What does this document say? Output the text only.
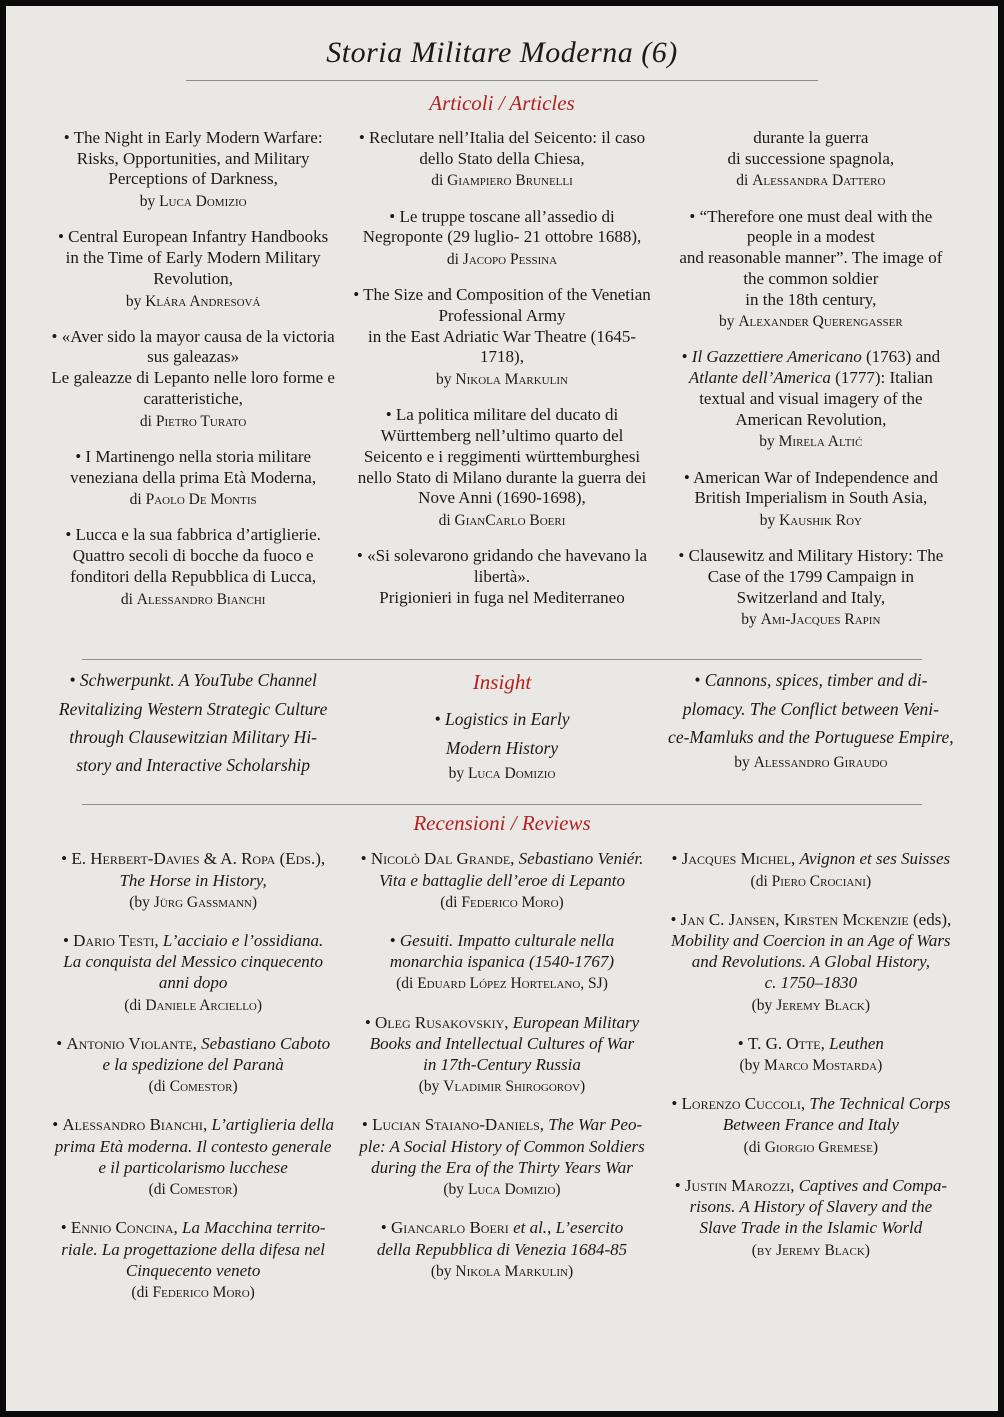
Storia Militare Moderna (6)
Articoli / Articles

• The Night in Early Modern Warfare: Risks, Opportunities, and Military Perceptions of Darkness,

by Luca Domizio

• Central European Infantry Handbooks in the Time of Early Modern Military Revolution,

by Klára Andresová

• «Aver sido la mayor causa de la victoria sus galeazas»
Le galeazze di Lepanto nelle loro forme e caratteristiche,

di Pietro Turato

• I Martinengo nella storia militare veneziana della prima Età Moderna,

di Paolo De Montis

• Lucca e la sua fabbrica d’artiglierie. Quattro secoli di bocche da fuoco e fonditori della Repubblica di Lucca,

di Alessandro Bianchi

• Reclutare nell’Italia del Seicento: il caso dello Stato della Chiesa,

di Giampiero Brunelli

• Le truppe toscane all’assedio di Negroponte (29 luglio- 21 ottobre 1688),

di Jacopo Pessina

• The Size and Composition of the Venetian Professional Army
in the East Adriatic War Theatre (1645-1718),

by Nikola Markulin

• La politica militare del ducato di Württemberg nell’ultimo quarto del Seicento e i reggimenti württemburghesi nello Stato di Milano durante la guerra dei Nove Anni (1690-1698),

di GianCarlo Boeri

• «Si solevarono gridando che havevano la libertà».
Prigionieri in fuga nel Mediterraneo

durante la guerra
di successione spagnola,

di Alessandra Dattero

• “Therefore one must deal with the people in a modest
and reasonable manner”. The image of the common soldier
in the 18th century,

by Alexander Querengasser

• Il Gazzettiere Americano (1763) and Atlante dell’America (1777): Italian textual and visual imagery of the American Revolution,

by Mirela Altić

• American War of Independence and British Imperialism in South Asia,

by Kaushik Roy

• Clausewitz and Military History: The Case of the 1799 Campaign in Switzerland and Italy,

by Ami-Jacques Rapin

• Schwerpunkt. A YouTube Channel
Revitalizing Western Strategic Culture
through Clausewitzian Military Hi-
story and Interactive Scholarship

Insight

• Logistics in Early
Modern History

by Luca Domizio

• Cannons, spices, timber and di-
plomacy. The Conflict between Veni-
ce-Mamluks and the Portuguese Empire,

by Alessandro Giraudo

Recensioni / Reviews

• E. Herbert-Davies & A. Ropa (Eds.),
The Horse in History,

(by Jürg Gassmann)

• Dario Testi, L’acciaio e l’ossidiana.
La conquista del Messico cinquecento
anni dopo

(di Daniele Arciello)

• Antonio Violante, Sebastiano Caboto
e la spedizione del Paranà

(di Comestor)

• Alessandro Bianchi, L’artiglieria della
prima Età moderna. Il contesto generale
e il particolarismo lucchese

(di Comestor)

• Ennio Concina, La Macchina territo-
riale. La progettazione della difesa nel
Cinquecento veneto

(di Federico Moro)

• Nicolò Dal Grande, Sebastiano Veniér.
Vita e battaglie dell’eroe di Lepanto

(di Federico Moro)

• Gesuiti. Impatto culturale nella
monarchia ispanica (1540-1767)

(di Eduard López Hortelano, SJ)

• Oleg Rusakovskiy, European Military
Books and Intellectual Cultures of War
in 17th-Century Russia

(by Vladimir Shirogorov)

• Lucian Staiano-Daniels, The War Peo-
ple: A Social History of Common Soldiers
during the Era of the Thirty Years War

(by Luca Domizio)

• Giancarlo Boeri et al., L’esercito
della Repubblica di Venezia 1684-85

(by Nikola Markulin)

• Jacques Michel, Avignon et ses Suisses

(di Piero Crociani)

• Jan C. Jansen, Kirsten Mckenzie (eds),
Mobility and Coercion in an Age of Wars
and Revolutions. A Global History,
c. 1750–1830

(by Jeremy Black)

• T. G. Otte, Leuthen

(by Marco Mostarda)

• Lorenzo Cuccoli, The Technical Corps
Between France and Italy

(di Giorgio Gremese)

• Justin Marozzi, Captives and Compa-
risons. A History of Slavery and the
Slave Trade in the Islamic World

(by Jeremy Black)
